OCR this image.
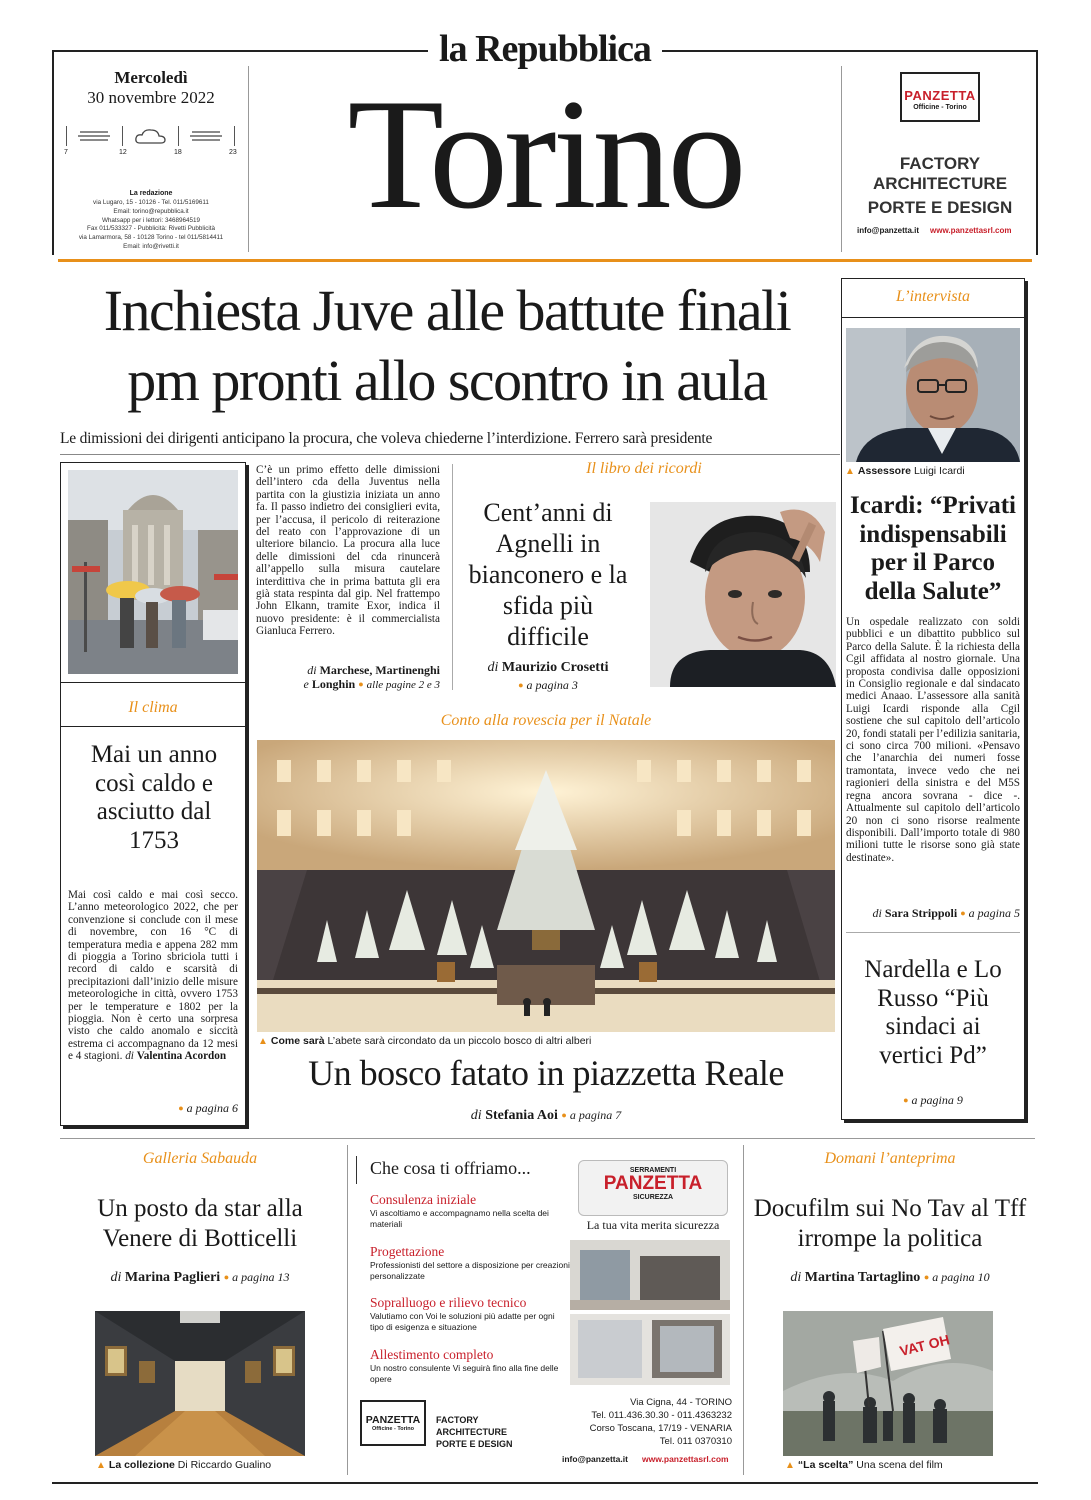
la Repubblica
Torino
Mercoledì
30 novembre 2022
7	12	18	23
La redazione
via Lugaro, 15 - 10126 - Tel. 011/5169611
Email: torino@repubblica.it
Whatsapp per i lettori: 3468964519
Fax 011/533327 - Pubblicità: Rivetti Pubblicità
via Lamarmora, 58 - 10128 Torino - tel 011/5814411
Email: info@rivetti.it
PANZETTA
Officine - Torino
FACTORY
ARCHITECTURE
PORTE E DESIGN
info@panzetta.it www.panzettasrl.com
Inchiesta Juve alle battute finali
pm pronti allo scontro in aula
Le dimissioni dei dirigenti anticipano la procura, che voleva chiederne l’interdizione. Ferrero sarà presidente
Il clima
Mai un anno così caldo e asciutto dal 1753
Mai così caldo e mai così secco. L’anno meteorologico 2022, che per convenzione si conclude con il mese di novembre, con 16 °C di temperatura media e appena 282 mm di pioggia a Torino sbriciola tutti i record di caldo e scarsità di precipitazioni dall’inizio delle misure meteorologiche in città, ovvero 1753 per le temperature e 1802 per la pioggia. Non è certo una sorpresa visto che caldo anomalo e siccità estrema ci accompagnano da 12 mesi e 4 stagioni. di Valentina Acordon
● a pagina 6
C’è un primo effetto delle dimissioni dell’intero cda della Juventus nella partita con la giustizia iniziata un anno fa. Il passo indietro dei consiglieri evita, per l’accusa, il pericolo di reiterazione del reato con l’approvazione di un ulteriore bilancio. La procura alla luce delle dimissioni del cda rinuncerà all’appello sulla misura cautelare interdittiva che in prima battuta gli era già stata respinta dal gip. Nel frattempo John Elkann, tramite Exor, indica il nuovo presidente: è il commercialista Gianluca Ferrero.
di Marchese, Martinenghi
e Longhin ● alle pagine 2 e 3
Il libro dei ricordi
Cent’anni di Agnelli in bianconero e la sfida più difficile
di Maurizio Crosetti
● a pagina 3
Conto alla rovescia per il Natale
▲ Come sarà L’abete sarà circondato da un piccolo bosco di altri alberi
Un bosco fatato in piazzetta Reale
di Stefania Aoi ● a pagina 7
L’intervista
▲ Assessore Luigi Icardi
Icardi: “Privati indispensabili per il Parco della Salute”
Un ospedale realizzato con soldi pubblici e un dibattito pubblico sul Parco della Salute. È la richiesta della Cgil affidata al nostro giornale. Una proposta condivisa dalle opposizioni in Consiglio regionale e dal sindacato medici Anaao. L’assessore alla sanità Luigi Icardi risponde alla Cgil sostiene che sul capitolo dell’articolo 20, fondi statali per l’edilizia sanitaria, ci sono circa 700 milioni. «Pensavo che l’anarchia dei numeri fosse tramontata, invece vedo che nei ragionieri della sinistra e del M5S regna ancora sovrana - dice -. Attualmente sul capitolo dell’articolo 20 non ci sono risorse realmente disponibili. Dall’importo totale di 980 milioni tutte le risorse sono già state destinate».
di Sara Strippoli ● a pagina 5
Nardella e Lo Russo “Più sindaci ai vertici Pd”
● a pagina 9
Galleria Sabauda
Un posto da star alla Venere di Botticelli
di Marina Paglieri ● a pagina 13
▲ La collezione Di Riccardo Gualino
Che cosa ti offriamo...	SERRAMENTI
PANZETTA
SICUREZZA
La tua vita merita sicurezza
Consulenza iniziale
Vi ascoltiamo e accompagnamo nella scelta dei materiali
Progettazione
Professionisti del settore a disposizione per creazioni personalizzate
Sopralluogo e rilievo tecnico
Valutiamo con Voi le soluzioni più adatte per ogni tipo di esigenza e situazione
Allestimento completo
Un nostro consulente Vi seguirà fino alla fine delle opere
PANZETTA
Officine - Torino
FACTORY
ARCHITECTURE
PORTE E DESIGN
Via Cigna, 44 - TORINO
Tel. 011.436.30.30 - 011.4363232
Corso Toscana, 17/19 - VENARIA
Tel. 011 0370310
info@panzetta.it www.panzettasrl.com
Domani l’anteprima
Docufilm sui No Tav al Tff irrompe la politica
di Martina Tartaglino ● a pagina 10
VAT OH
▲ “La scelta” Una scena del film
